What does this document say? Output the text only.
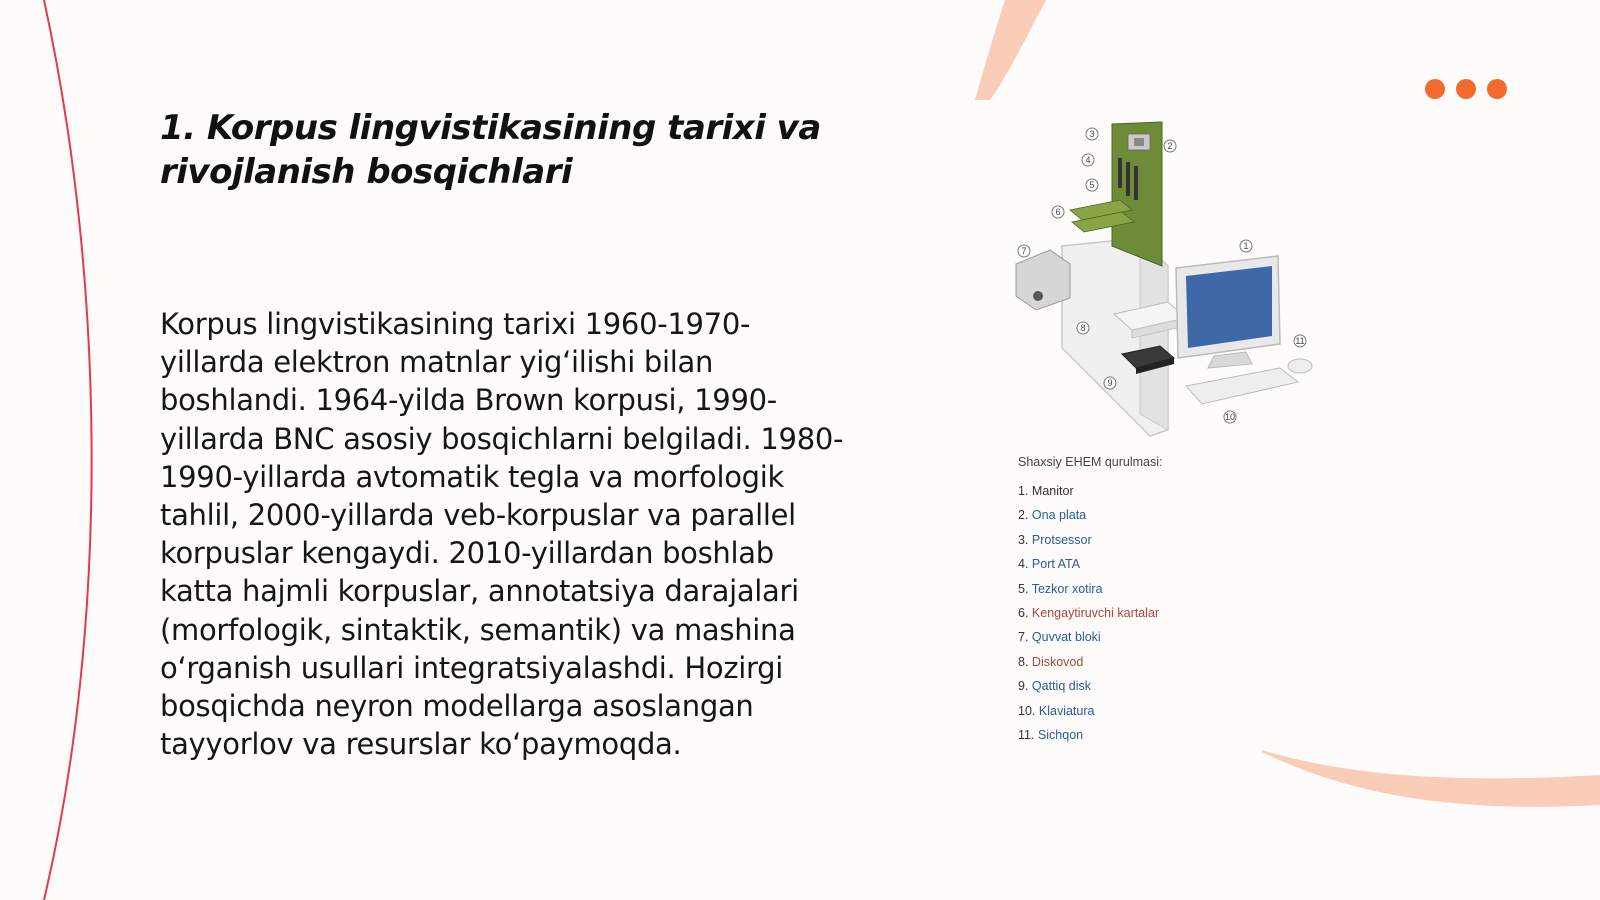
1. Korpus lingvistikasining tarixi va rivojlanish bosqichlari

Korpus lingvistikasining tarixi 1960-1970-yillarda elektron matnlar yig‘ilishi bilan boshlandi. 1964-yilda Brown korpusi, 1990-yillarda BNC asosiy bosqichlarni belgiladi. 1980-1990-yillarda avtomatik tegla va morfologik tahlil, 2000-yillarda veb-korpuslar va parallel korpuslar kengaydi. 2010-yillardan boshlab katta hajmli korpuslar, annotatsiya darajalari (morfologik, sintaktik, semantik) va mashina o‘rganish usullari integratsiyalashdi. Hozirgi bosqichda neyron modellarga asoslangan tayyorlov va resurslar ko‘paymoqda.

1
2
3
4
5
6
7
8
9
10
11
Shaxsiy EHEM qurulmasi:
1. Manitor
2. Ona plata
3. Protsessor
4. Port ATA
5. Tezkor xotira
6. Kengaytiruvchi kartalar
7. Quvvat bloki
8. Diskovod
9. Qattiq disk
10. Klaviatura
11. Sichqon
